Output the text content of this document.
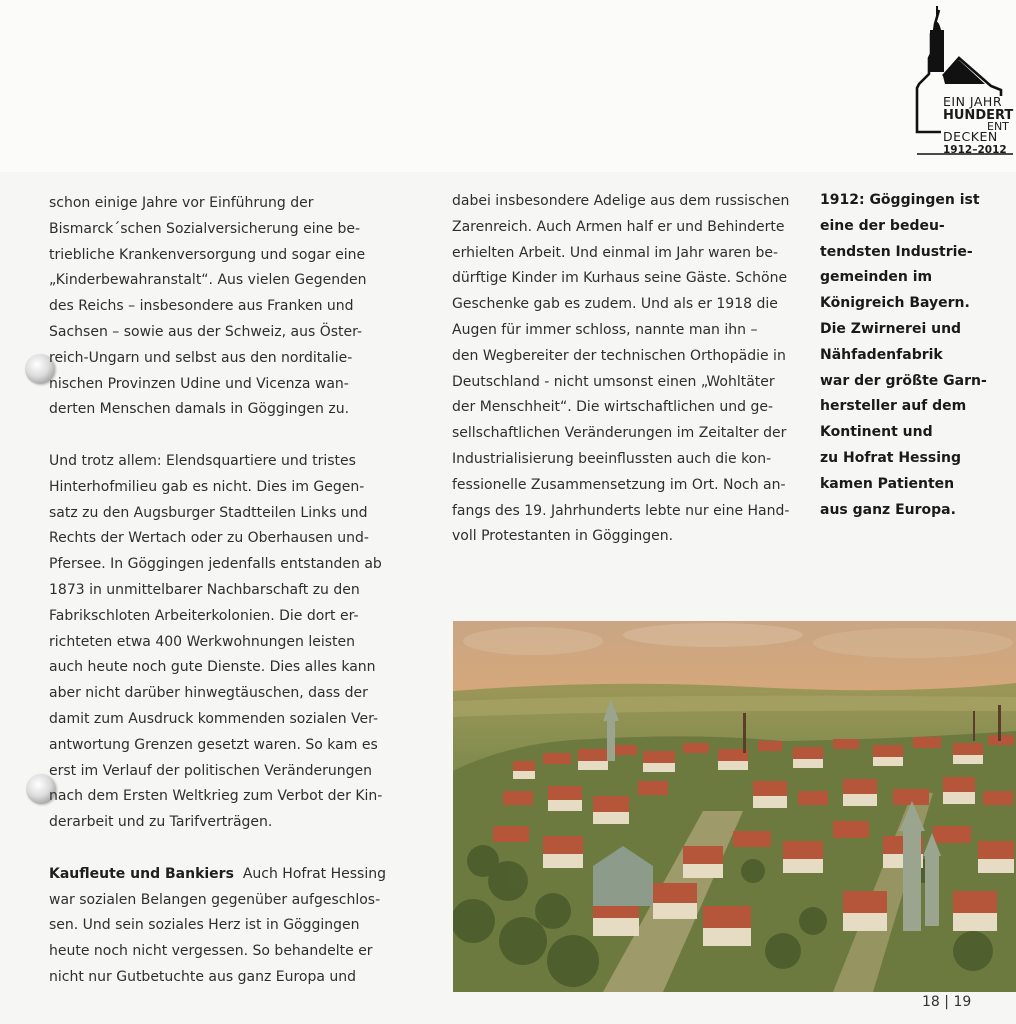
EIN JAHR
HUNDERT
ENT
DECKEN
1912–2012
schon einige Jahre vor Einführung der
Bismarck´schen Sozialversicherung eine be-
triebliche Krankenversorgung und sogar eine
„Kinderbewahranstalt“. Aus vielen Gegenden
des Reichs – insbesondere aus Franken und
Sachsen – sowie aus der Schweiz, aus Öster-
reich-Ungarn und selbst aus den norditalie-
nischen Provinzen Udine und Vicenza wan-
derten Menschen damals in Göggingen zu.
Und trotz allem: Elendsquartiere und tristes
Hinterhofmilieu gab es nicht. Dies im Gegen-
satz zu den Augsburger Stadtteilen Links und
Rechts der Wertach oder zu Oberhausen und-
Pfersee. In Göggingen jedenfalls entstanden ab
1873 in unmittelbarer Nachbarschaft zu den
Fabrikschloten Arbeiterkolonien. Die dort er-
richteten etwa 400 Werkwohnungen leisten
auch heute noch gute Dienste. Dies alles kann
aber nicht darüber hinwegtäuschen, dass der
damit zum Ausdruck kommenden sozialen Ver-
antwortung Grenzen gesetzt waren. So kam es
erst im Verlauf der politischen Veränderungen
nach dem Ersten Weltkrieg zum Verbot der Kin-
derarbeit und zu Tarifverträgen.
Kaufleute und Bankiers Auch Hofrat Hessing
war sozialen Belangen gegenüber aufgeschlos-
sen. Und sein soziales Herz ist in Göggingen
heute noch nicht vergessen. So behandelte er
nicht nur Gutbetuchte aus ganz Europa und
dabei insbesondere Adelige aus dem russischen
Zarenreich. Auch Armen half er und Behinderte
erhielten Arbeit. Und einmal im Jahr waren be-
dürftige Kinder im Kurhaus seine Gäste. Schöne
Geschenke gab es zudem. Und als er 1918 die
Augen für immer schloss, nannte man ihn –
den Wegbereiter der technischen Orthopädie in
Deutschland - nicht umsonst einen „Wohltäter
der Menschheit“. Die wirtschaftlichen und ge-
sellschaftlichen Veränderungen im Zeitalter der
Industrialisierung beeinflussten auch die kon-
fessionelle Zusammensetzung im Ort. Noch an-
fangs des 19. Jahrhunderts lebte nur eine Hand-
voll Protestanten in Göggingen.
1912: Göggingen ist
eine der bedeu-
tendsten Industrie-
gemeinden im
Königreich Bayern.
Die Zwirnerei und
Nähfadenfabrik
war der größte Garn-
hersteller auf dem
Kontinent und
zu Hofrat Hessing
kamen Patienten
aus ganz Europa.
18 | 19
